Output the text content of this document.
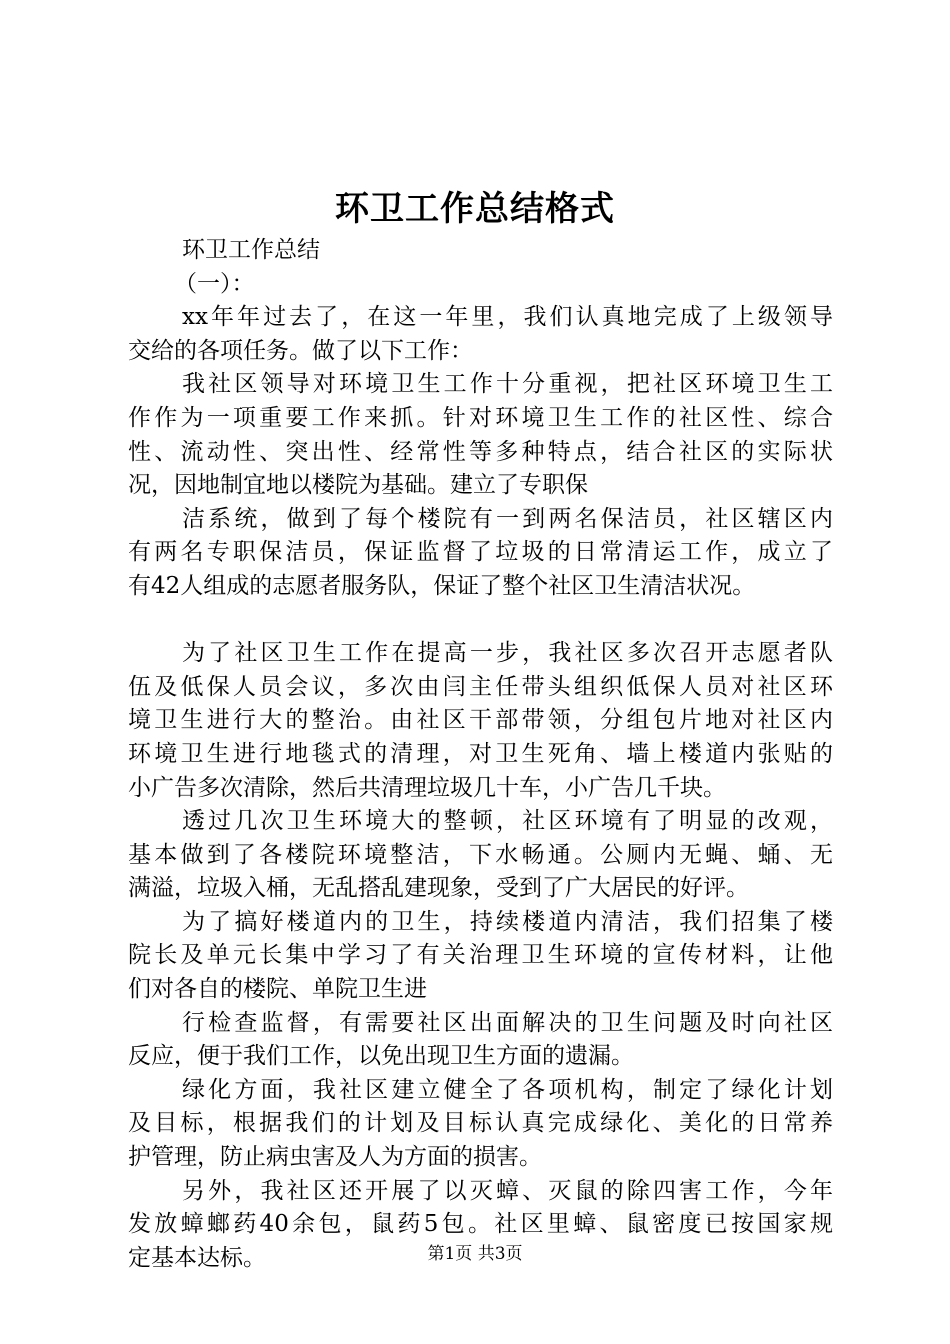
环卫工作总结格式
环卫工作总结
（一）：
xx年年过去了，在这一年里，我们认真地完成了上级领导
交给的各项任务。做了以下工作：
我社区领导对环境卫生工作十分重视，把社区环境卫生工
作作为一项重要工作来抓。针对环境卫生工作的社区性、综合
性、流动性、突出性、经常性等多种特点，结合社区的实际状
况，因地制宜地以楼院为基础。建立了专职保
洁系统，做到了每个楼院有一到两名保洁员，社区辖区内
有两名专职保洁员，保证监督了垃圾的日常清运工作，成立了
有42人组成的志愿者服务队，保证了整个社区卫生清洁状况。
为了社区卫生工作在提高一步，我社区多次召开志愿者队
伍及低保人员会议，多次由闫主任带头组织低保人员对社区环
境卫生进行大的整治。由社区干部带领，分组包片地对社区内
环境卫生进行地毯式的清理，对卫生死角、墙上楼道内张贴的
小广告多次清除，然后共清理垃圾几十车，小广告几千块。
透过几次卫生环境大的整顿，社区环境有了明显的改观，
基本做到了各楼院环境整洁，下水畅通。公厕内无蝇、蛹、无
满溢，垃圾入桶，无乱搭乱建现象，受到了广大居民的好评。
为了搞好楼道内的卫生，持续楼道内清洁，我们招集了楼
院长及单元长集中学习了有关治理卫生环境的宣传材料，让他
们对各自的楼院、单院卫生进
行检查监督，有需要社区出面解决的卫生问题及时向社区
反应，便于我们工作，以免出现卫生方面的遗漏。
绿化方面，我社区建立健全了各项机构，制定了绿化计划
及目标，根据我们的计划及目标认真完成绿化、美化的日常养
护管理，防止病虫害及人为方面的损害。
另外，我社区还开展了以灭蟑、灭鼠的除四害工作，今年
发放蟑螂药40余包，鼠药5包。社区里蟑、鼠密度已按国家规
定基本达标。	第1页 共3页
